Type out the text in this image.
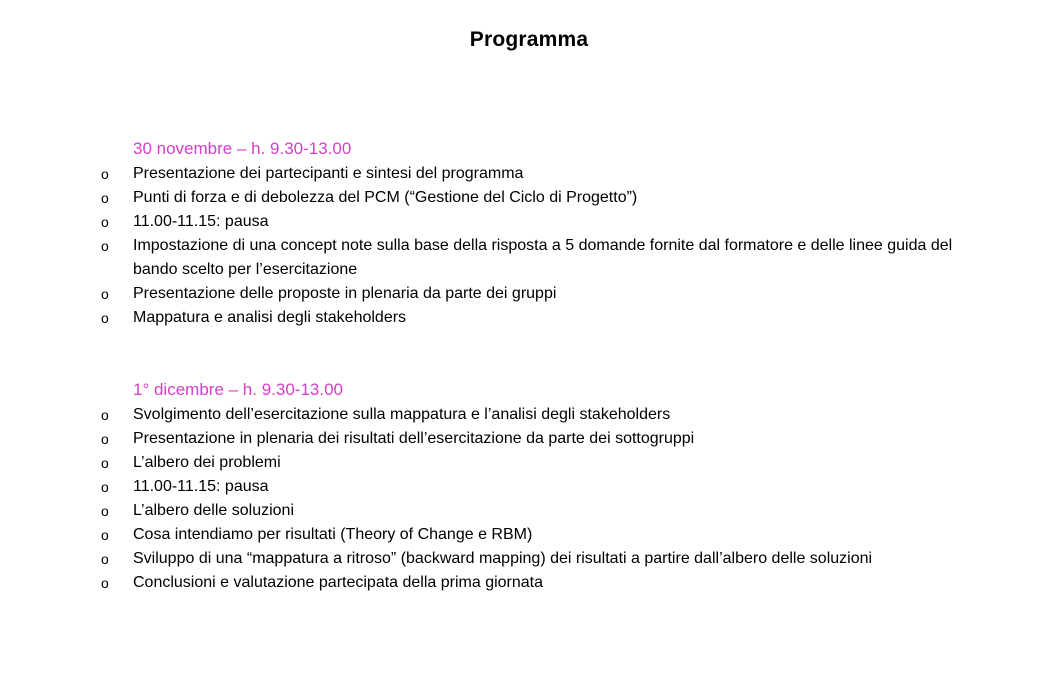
Programma
30 novembre – h. 9.30-13.00
o Presentazione dei partecipanti e sintesi del programma
o Punti di forza e di debolezza del PCM (“Gestione del Ciclo di Progetto”)
o 11.00-11.15: pausa
o Impostazione di una concept note sulla base della risposta a 5 domande fornite dal formatore e delle linee guida del bando scelto per l’esercitazione
o Presentazione delle proposte in plenaria da parte dei gruppi
o Mappatura e analisi degli stakeholders
1° dicembre – h. 9.30-13.00
o Svolgimento dell’esercitazione sulla mappatura e l’analisi degli stakeholders
o Presentazione in plenaria dei risultati dell’esercitazione da parte dei sottogruppi
o L’albero dei problemi
o 11.00-11.15: pausa
o L’albero delle soluzioni
o Cosa intendiamo per risultati (Theory of Change e RBM)
o Sviluppo di una “mappatura a ritroso” (backward mapping) dei risultati a partire dall’albero delle soluzioni
o Conclusioni e valutazione partecipata della prima giornata
